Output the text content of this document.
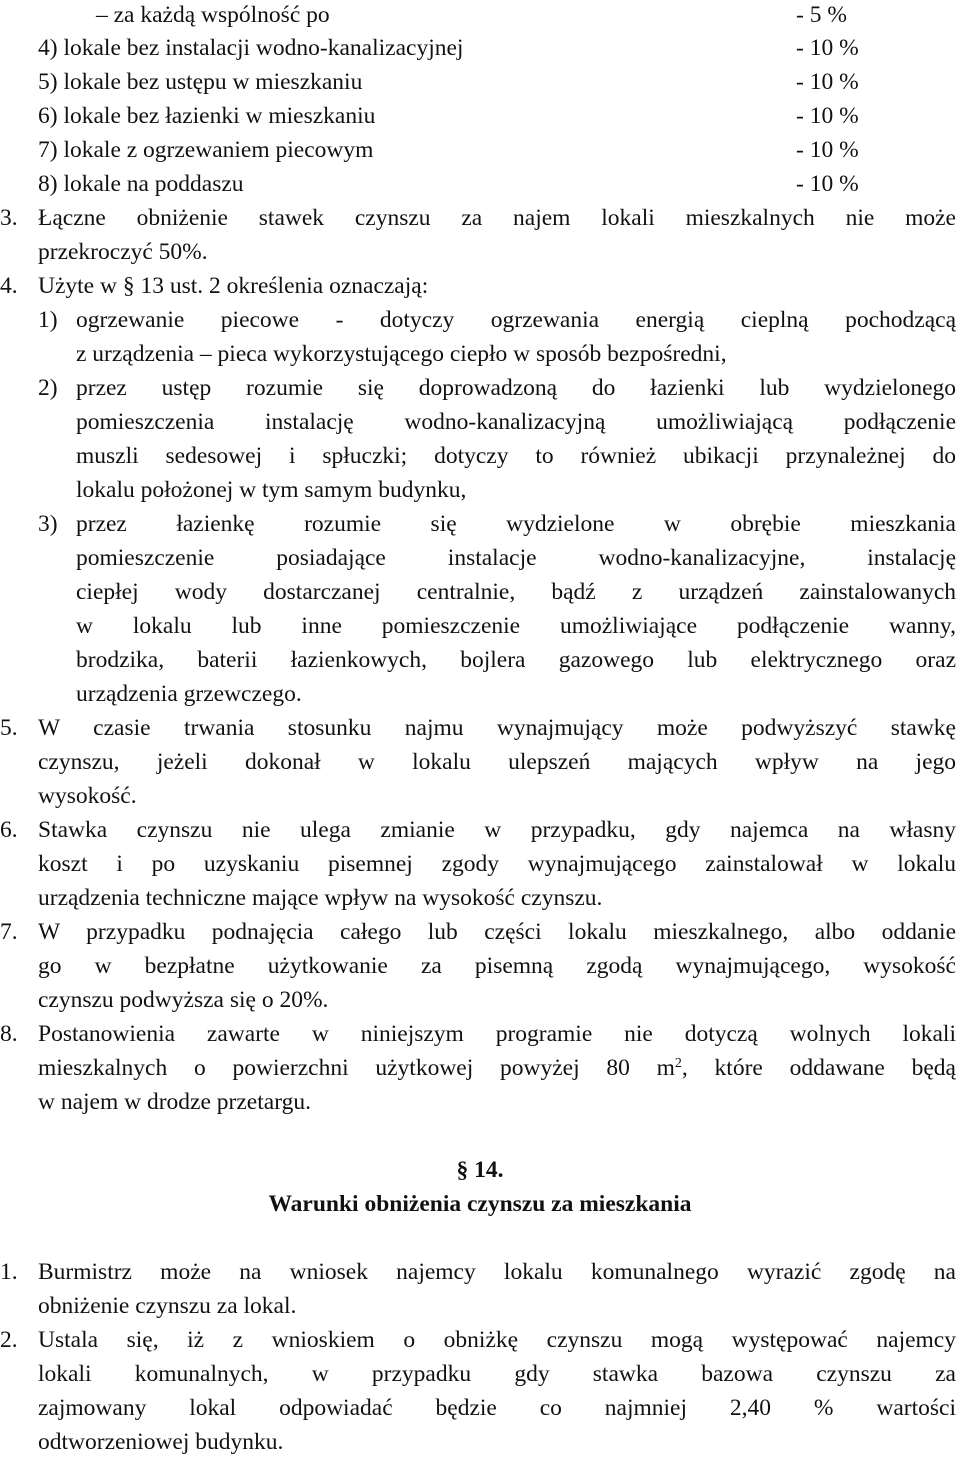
– za każdą wspólność po	- 5 %
4) lokale bez instalacji wodno-kanalizacyjnej	- 10 %
5) lokale bez ustępu w mieszkaniu	- 10 %
6) lokale bez łazienki w mieszkaniu	- 10 %
7) lokale z ogrzewaniem piecowym	- 10 %
8) lokale na poddaszu	- 10 %
3. Łączne obniżenie stawek czynszu za najem lokali mieszkalnych nie może
przekroczyć 50%.
4. Użyte w § 13 ust. 2 określenia oznaczają:
1) ogrzewanie piecowe - dotyczy ogrzewania energią cieplną pochodzącą
z urządzenia – pieca wykorzystującego ciepło w sposób bezpośredni,
2) przez ustęp rozumie się doprowadzoną do łazienki lub wydzielonego
pomieszczenia instalację wodno-kanalizacyjną umożliwiającą podłączenie
muszli sedesowej i spłuczki; dotyczy to również ubikacji przynależnej do
lokalu położonej w tym samym budynku,
3) przez łazienkę rozumie się wydzielone w obrębie mieszkania
pomieszczenie posiadające instalacje wodno-kanalizacyjne, instalację
ciepłej wody dostarczanej centralnie, bądź z urządzeń zainstalowanych
w lokalu lub inne pomieszczenie umożliwiające podłączenie wanny,
brodzika, baterii łazienkowych, bojlera gazowego lub elektrycznego oraz
urządzenia grzewczego.
5. W czasie trwania stosunku najmu wynajmujący może podwyższyć stawkę
czynszu, jeżeli dokonał w lokalu ulepszeń mających wpływ na jego
wysokość.
6. Stawka czynszu nie ulega zmianie w przypadku, gdy najemca na własny
koszt i po uzyskaniu pisemnej zgody wynajmującego zainstalował w lokalu
urządzenia techniczne mające wpływ na wysokość czynszu.
7. W przypadku podnajęcia całego lub części lokalu mieszkalnego, albo oddanie
go w bezpłatne użytkowanie za pisemną zgodą wynajmującego, wysokość
czynszu podwyższa się o 20%.
8. Postanowienia zawarte w niniejszym programie nie dotyczą wolnych lokali
mieszkalnych o powierzchni użytkowej powyżej 80 $m^2$, które oddawane będą
w najem w drodze przetargu.
§ 14.
Warunki obniżenia czynszu za mieszkania
1. Burmistrz może na wniosek najemcy lokalu komunalnego wyrazić zgodę na
obniżenie czynszu za lokal.
2. Ustala się, iż z wnioskiem o obniżkę czynszu mogą występować najemcy
lokali komunalnych, w przypadku gdy stawka bazowa czynszu za
zajmowany lokal odpowiadać będzie co najmniej 2,40 % wartości
odtworzeniowej budynku.
